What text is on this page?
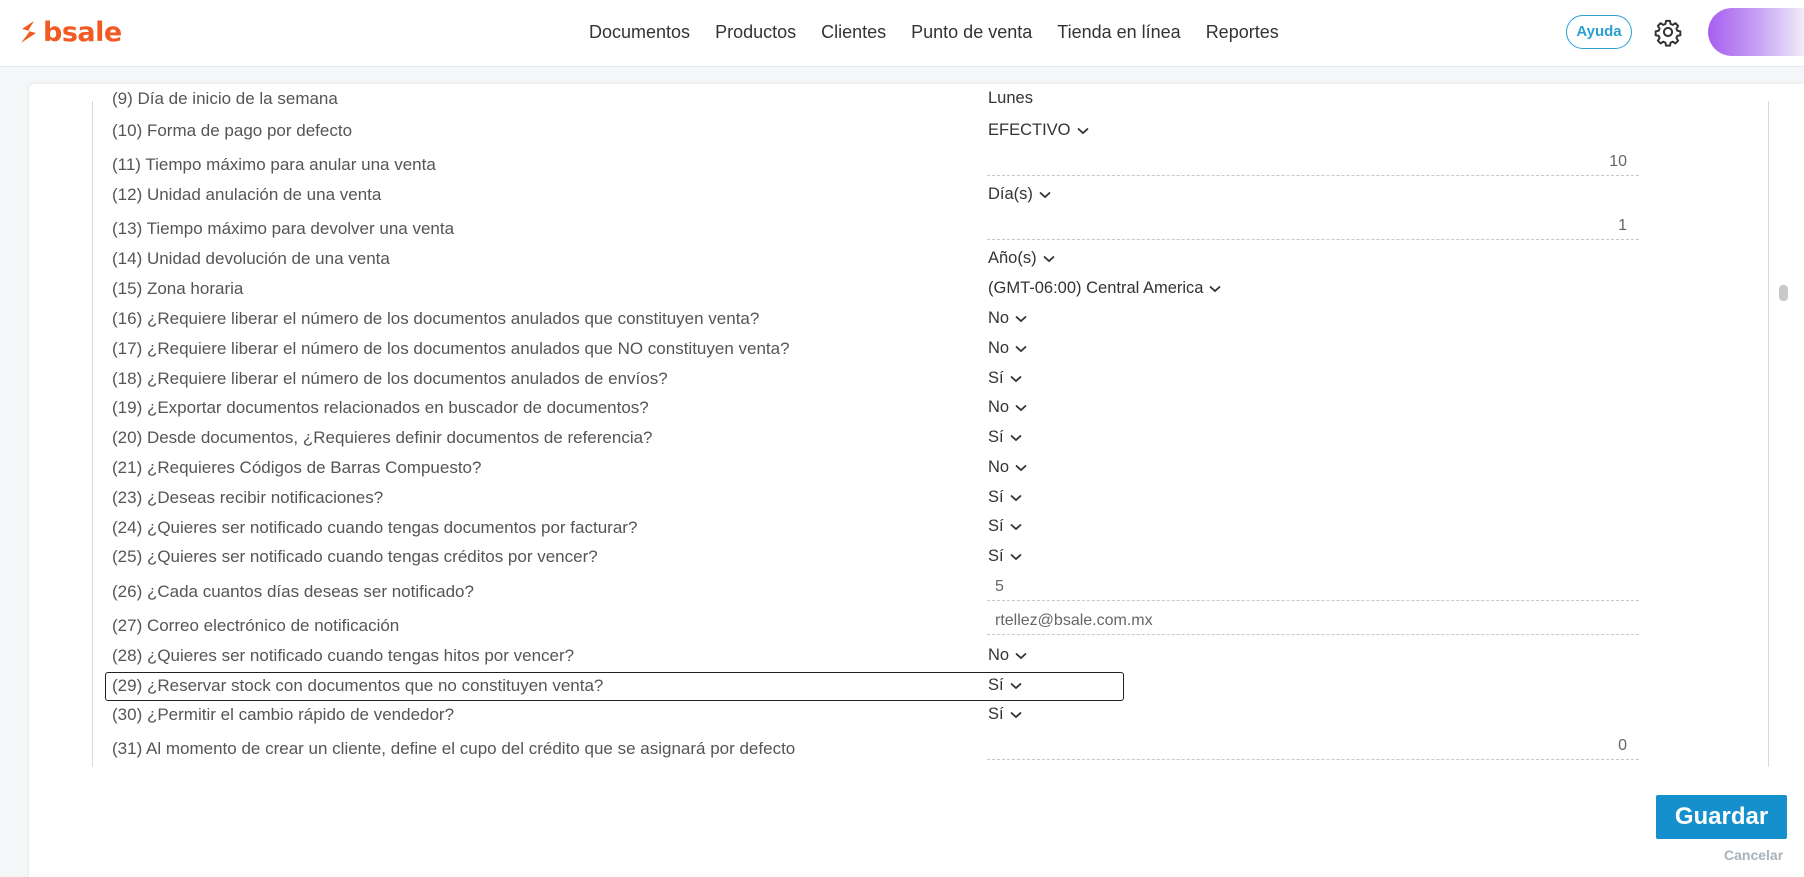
bsale	Documentos Productos Clientes Punto de venta Tienda en línea Reportes	Ayuda
(9) Día de inicio de la semana	Lunes
(10) Forma de pago por defecto	EFECTIVO
(11) Tiempo máximo para anular una venta	10
(12) Unidad anulación de una venta	Día(s)
(13) Tiempo máximo para devolver una venta	1
(14) Unidad devolución de una venta	Año(s)
(15) Zona horaria	(GMT-06:00) Central America
(16) ¿Requiere liberar el número de los documentos anulados que constituyen venta?	No
(17) ¿Requiere liberar el número de los documentos anulados que NO constituyen venta?	No
(18) ¿Requiere liberar el número de los documentos anulados de envíos?	Sí
(19) ¿Exportar documentos relacionados en buscador de documentos?	No
(20) Desde documentos, ¿Requieres definir documentos de referencia?	Sí
(21) ¿Requieres Códigos de Barras Compuesto?	No
(23) ¿Deseas recibir notificaciones?	Sí
(24) ¿Quieres ser notificado cuando tengas documentos por facturar?	Sí
(25) ¿Quieres ser notificado cuando tengas créditos por vencer?	Sí
(26) ¿Cada cuantos días deseas ser notificado?	5
(27) Correo electrónico de notificación	rtellez@bsale.com.mx
(28) ¿Quieres ser notificado cuando tengas hitos por vencer?	No
(29) ¿Reservar stock con documentos que no constituyen venta?	Sí
(30) ¿Permitir el cambio rápido de vendedor?	Sí
(31) Al momento de crear un cliente, define el cupo del crédito que se asignará por defecto	0
Guardar
Cancelar
